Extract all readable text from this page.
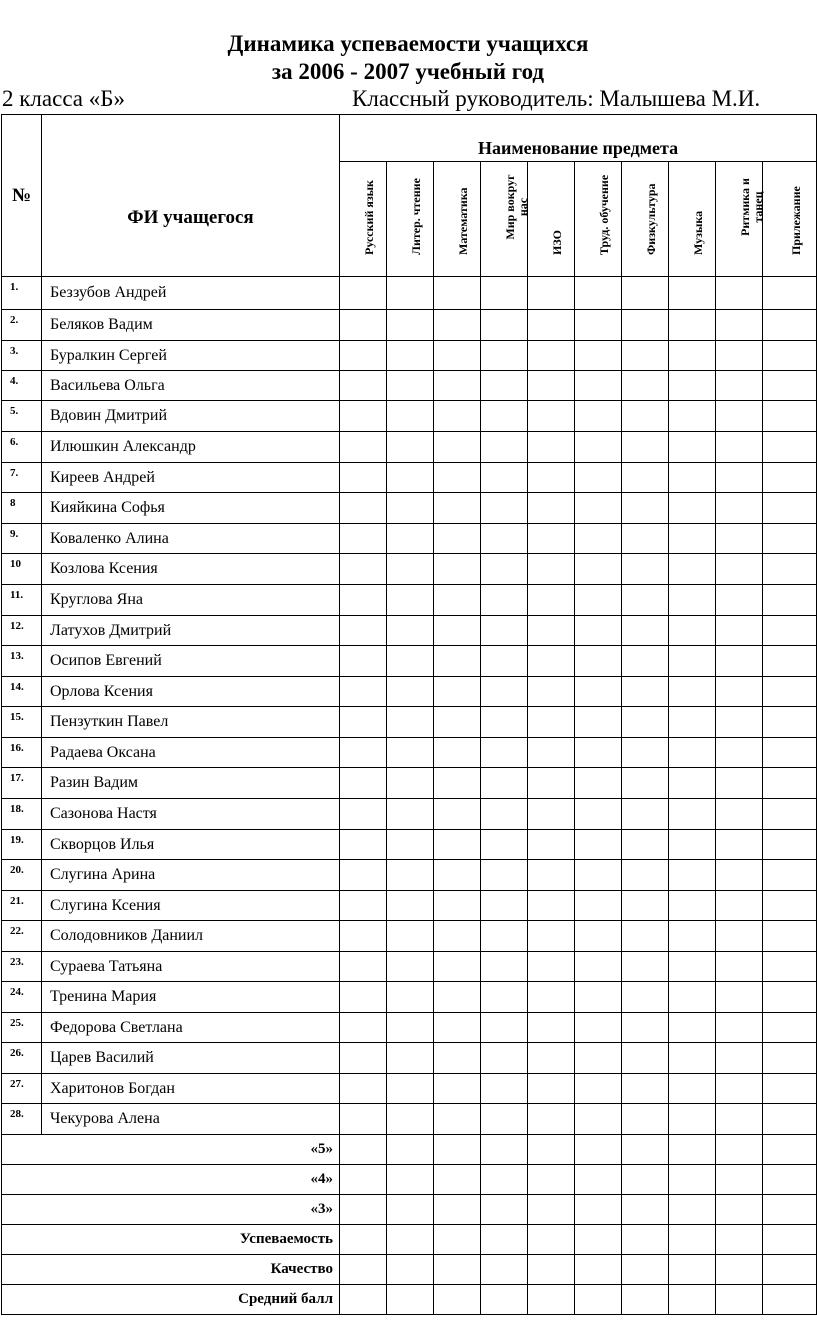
Динамика успеваемости учащихся
за 2006 - 2007 учебный год
2 класса «Б»	Классный руководитель: Малышева М.И.
№	ФИ учащегося	Наименование предмета									

		Русский язык	Литер. чтение	Математика	Мир вокруг нас	ИЗО	Труд. обучение	Физкультура	Музыка	Ритмика и танец	Прилежание

1.	Беззубов Андрей										
2.	Беляков Вадим										
3.	Буралкин Сергей										
4.	Васильева Ольга										
5.	Вдовин Дмитрий										
6.	Илюшкин Александр										
7.	Киреев Андрей										
8	Кияйкина Софья										
9.	Коваленко Алина										
10	Козлова Ксения										
11.	Круглова Яна										
12.	Латухов Дмитрий										
13.	Осипов Евгений										
14.	Орлова Ксения										
15.	Пензуткин Павел										
16.	Радаева Оксана										
17.	Разин Вадим										
18.	Сазонова Настя										
19.	Скворцов Илья										
20.	Слугина Арина										
21.	Слугина Ксения										
22.	Солодовников Даниил										
23.	Сураева Татьяна										
24.	Тренина Мария										
25.	Федорова Светлана										
26.	Царев Василий										
27.	Харитонов Богдан										
28.	Чекурова Алена										
«5»											
«4»											
«3»											
Успеваемость											
Качество											
Средний балл											
